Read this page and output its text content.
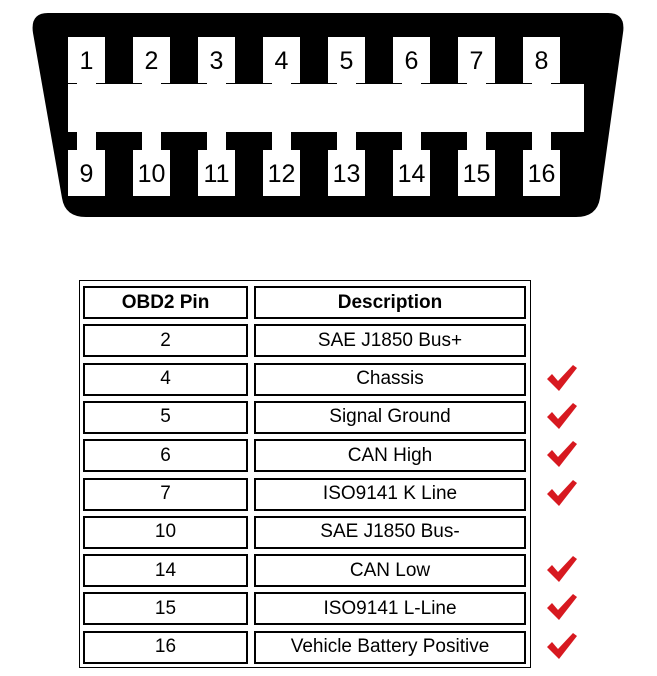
1 2 3 4 5 6 7 8
9 10 11 12 13 14 15 16
OBD2 Pin	Description
2	SAE J1850 Bus+
4	Chassis
5	Signal Ground
6	CAN High
7	ISO9141 K Line
10	SAE J1850 Bus-
14	CAN Low
15	ISO9141 L-Line
16	Vehicle Battery Positive
